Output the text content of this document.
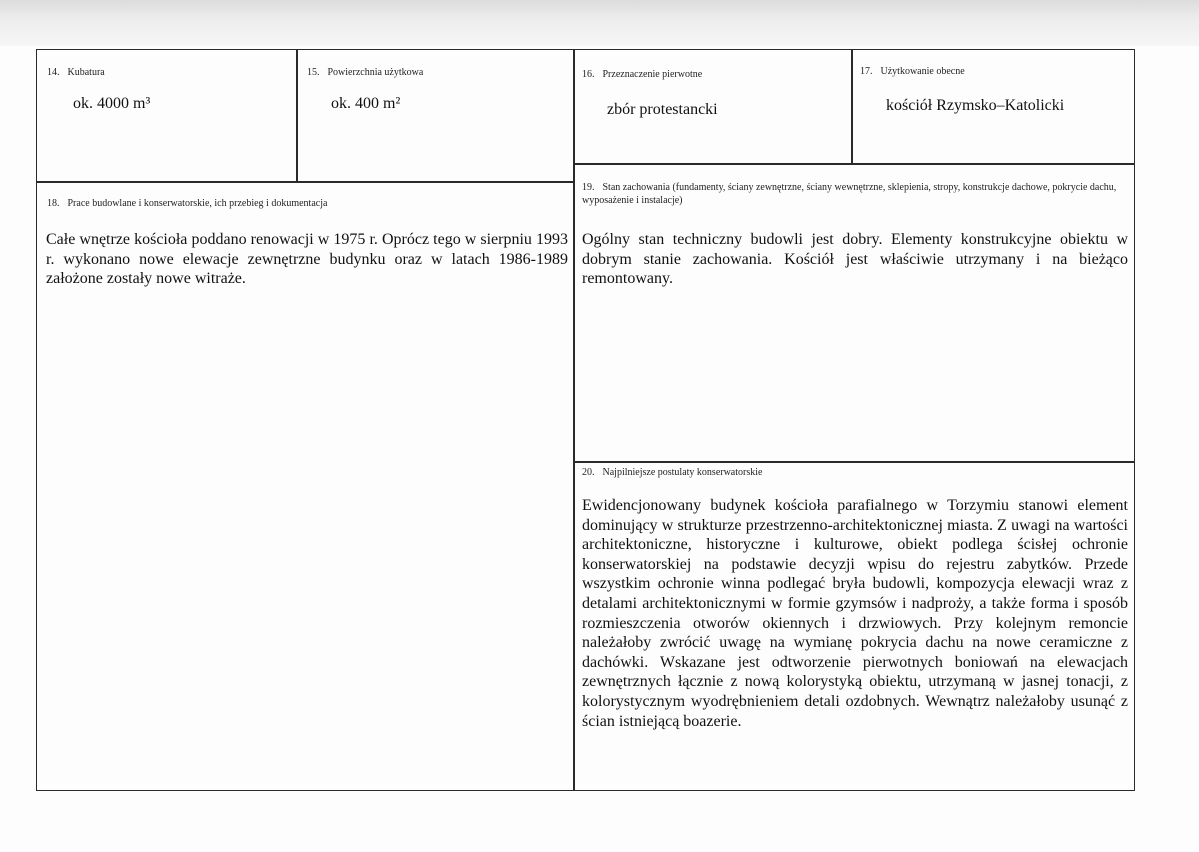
14. Kubatura
ok. 4000 m³
15. Powierzchnia użytkowa
ok. 400 m²
16. Przeznaczenie pierwotne
zbór protestancki
17. Użytkowanie obecne
kościół Rzymsko–Katolicki
18. Prace budowlane i konserwatorskie, ich przebieg i dokumentacja
Całe wnętrze kościoła poddano renowacji w 1975 r. Oprócz tego w sierpniu 1993 r. wykonano nowe elewacje zewnętrzne budynku oraz w latach 1986-1989 założone zostały nowe witraże.
19. Stan zachowania (fundamenty, ściany zewnętrzne, ściany wewnętrzne, sklepienia, stropy, konstrukcje dachowe, pokrycie dachu, wyposażenie i instalacje)
Ogólny stan techniczny budowli jest dobry. Elementy konstrukcyjne obiektu w dobrym stanie zachowania. Kościół jest właściwie utrzymany i na bieżąco remontowany.
20. Najpilniejsze postulaty konserwatorskie
Ewidencjonowany budynek kościoła parafialnego w Torzymiu stanowi element dominujący w strukturze przestrzenno-architektonicznej miasta. Z uwagi na wartości architektoniczne, historyczne i kulturowe, obiekt podlega ścisłej ochronie konserwatorskiej na podstawie decyzji wpisu do rejestru zabytków. Przede wszystkim ochronie winna podlegać bryła budowli, kompozycja elewacji wraz z detalami architektonicznymi w formie gzymsów i nadproży, a także forma i sposób rozmieszczenia otworów okiennych i drzwiowych. Przy kolejnym remoncie należałoby zwrócić uwagę na wymianę pokrycia dachu na nowe ceramiczne z dachówki. Wskazane jest odtworzenie pierwotnych boniowań na elewacjach zewnętrznych łącznie z nową kolorystyką obiektu, utrzymaną w jasnej tonacji, z kolorystycznym wyodrębnieniem detali ozdobnych. Wewnątrz należałoby usunąć z ścian istniejącą boazerie.
